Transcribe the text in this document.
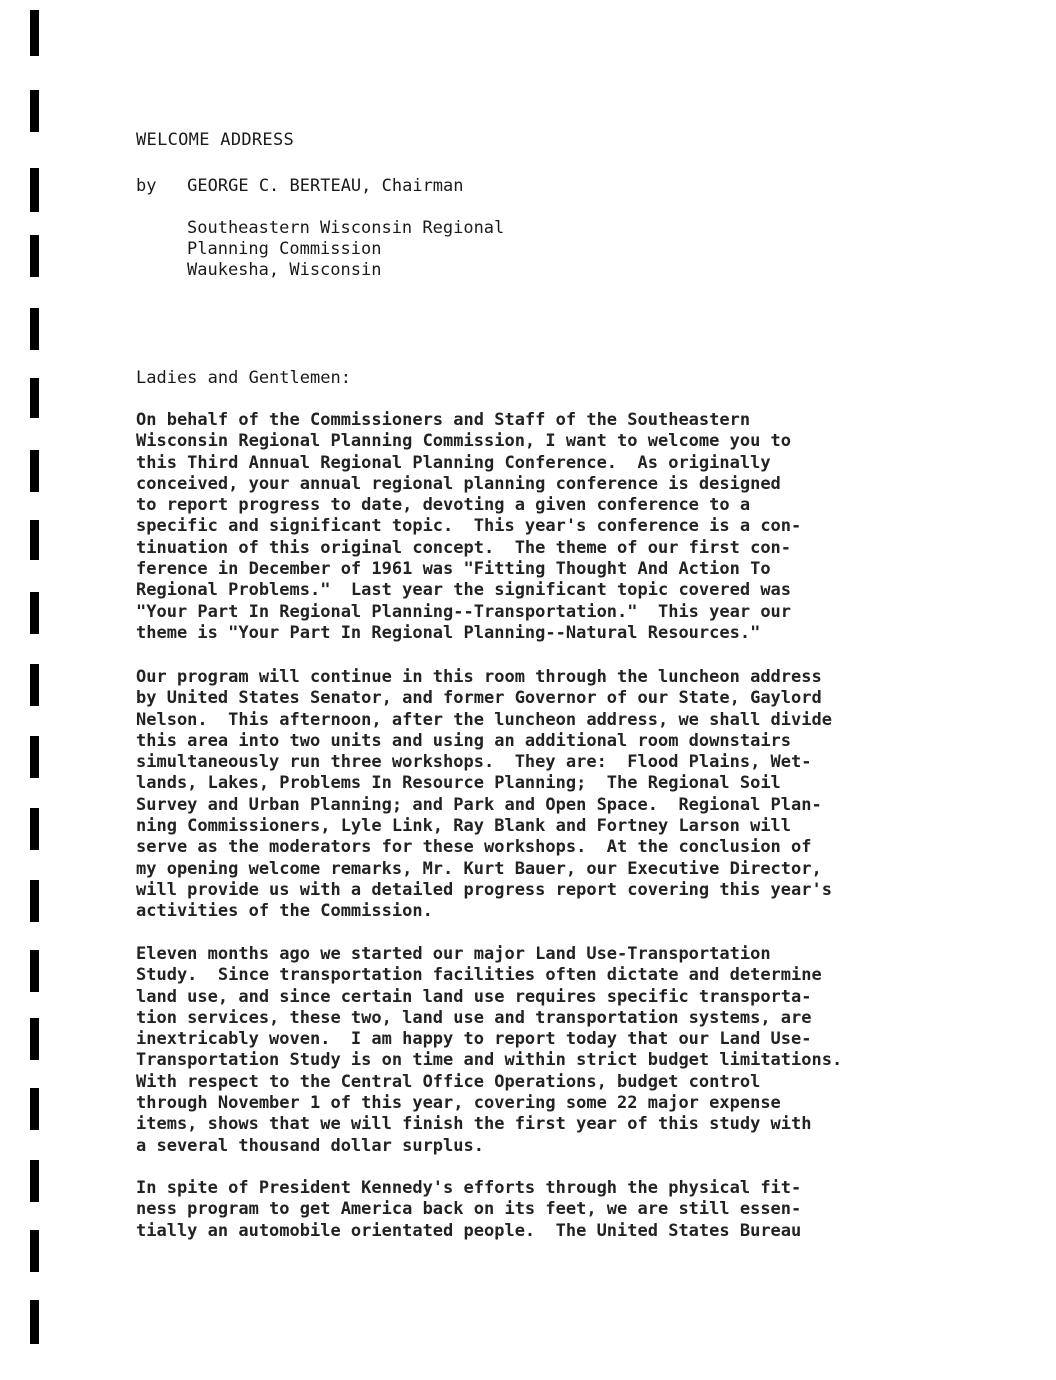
WELCOME ADDRESS
by   GEORGE C. BERTEAU, Chairman
Southeastern Wisconsin Regional
Planning Commission
Waukesha, Wisconsin
Ladies and Gentlemen:
On behalf of the Commissioners and Staff of the Southeastern
Wisconsin Regional Planning Commission, I want to welcome you to
this Third Annual Regional Planning Conference.  As originally
conceived, your annual regional planning conference is designed
to report progress to date, devoting a given conference to a
specific and significant topic.  This year's conference is a con-
tinuation of this original concept.  The theme of our first con-
ference in December of 1961 was "Fitting Thought And Action To
Regional Problems."  Last year the significant topic covered was
"Your Part In Regional Planning--Transportation."  This year our
theme is "Your Part In Regional Planning--Natural Resources."
Our program will continue in this room through the luncheon address
by United States Senator, and former Governor of our State, Gaylord
Nelson.  This afternoon, after the luncheon address, we shall divide
this area into two units and using an additional room downstairs
simultaneously run three workshops.  They are:  Flood Plains, Wet-
lands, Lakes, Problems In Resource Planning;  The Regional Soil
Survey and Urban Planning; and Park and Open Space.  Regional Plan-
ning Commissioners, Lyle Link, Ray Blank and Fortney Larson will
serve as the moderators for these workshops.  At the conclusion of
my opening welcome remarks, Mr. Kurt Bauer, our Executive Director,
will provide us with a detailed progress report covering this year's
activities of the Commission.
Eleven months ago we started our major Land Use-Transportation
Study.  Since transportation facilities often dictate and determine
land use, and since certain land use requires specific transporta-
tion services, these two, land use and transportation systems, are
inextricably woven.  I am happy to report today that our Land Use-
Transportation Study is on time and within strict budget limitations.
With respect to the Central Office Operations, budget control
through November 1 of this year, covering some 22 major expense
items, shows that we will finish the first year of this study with
a several thousand dollar surplus.
In spite of President Kennedy's efforts through the physical fit-
ness program to get America back on its feet, we are still essen-
tially an automobile orientated people.  The United States Bureau
